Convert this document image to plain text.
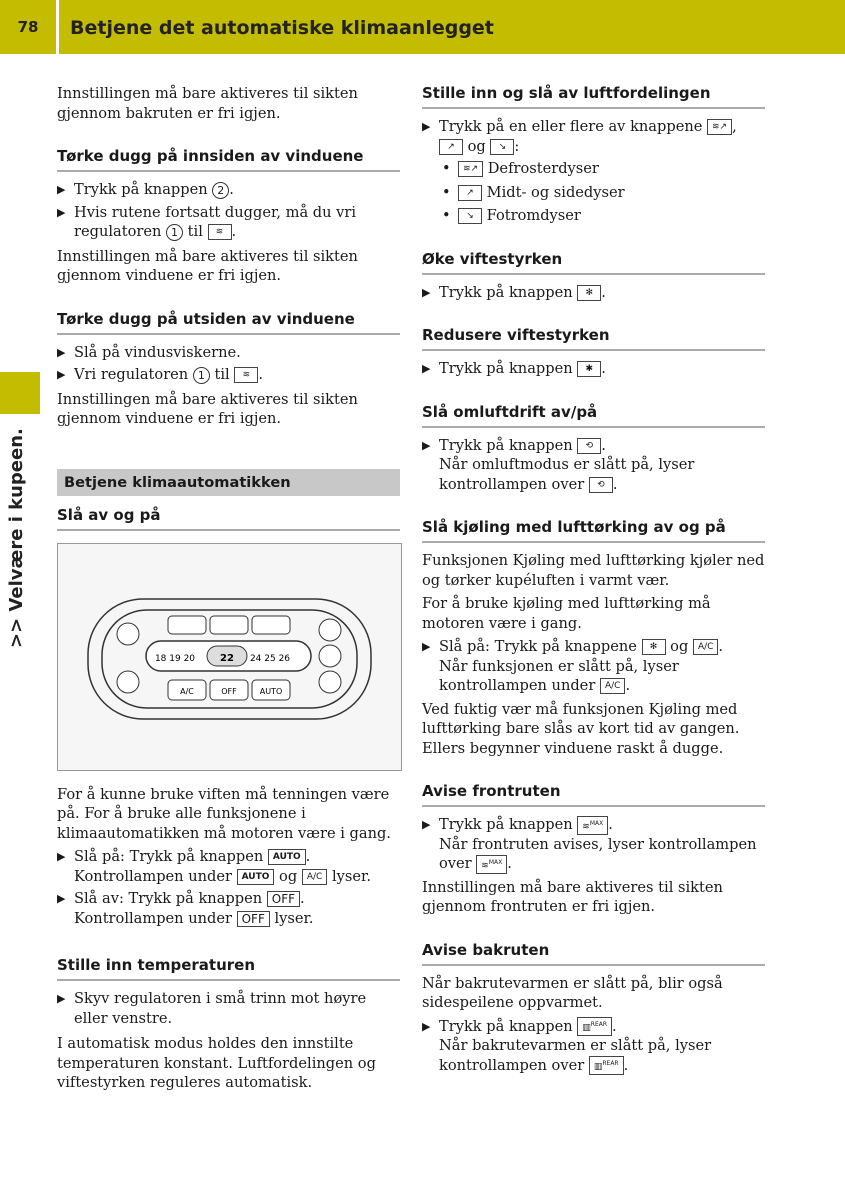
78	Betjene det automatiske klimaanlegget
>> Velvære i kupeen.

Innstillingen må bare aktiveres til sikten gjennom bakruten er fri igjen.

Tørke dugg på innsiden av vinduene
▶ Trykk på knappen 2 .
▶ Hvis rutene fortsatt dugger, må du vri regulatoren 1 til ≋ .

Innstillingen må bare aktiveres til sikten gjennom vinduene er fri igjen.

Tørke dugg på utsiden av vinduene
▶ Slå på vindusviskerne.
▶ Vri regulatoren 1 til ≋ .

Innstillingen må bare aktiveres til sikten gjennom vinduene er fri igjen.

Betjene klimaautomatikken
Slå av og på
18 19 20	22 24 25 26
A/C	OFF	AUTO

For å kunne bruke viften må tenningen være på. For å bruke alle funksjonene i klimaautomatikken må motoren være i gang.

▶ Slå på: Trykk på knappen AUTO .
Kontrollampen under AUTO og A/C lyser.
▶ Slå av: Trykk på knappen OFF .
Kontrollampen under OFF lyser.
Stille inn temperaturen
▶ Skyv regulatoren i små trinn mot høyre eller venstre.

I automatisk modus holdes den innstilte temperaturen konstant. Luftfordelingen og viftestyrken reguleres automatisk.

Stille inn og slå av luftfordelingen
▶ Trykk på en eller flere av knappene ≋↗ ,
↗ og ↘ :
• ≋↗ Defrosterdyser
• ↗ Midt- og sidedyser
• ↘ Fotromdyser
Øke viftestyrken
▶ Trykk på knappen ✻ .
Redusere viftestyrken
▶ Trykk på knappen ✱ .
Slå omluftdrift av/på
▶ Trykk på knappen ⟲ .
Når omluftmodus er slått på, lyser kontrollampen over ⟲ .
Slå kjøling med lufttørking av og på

Funksjonen Kjøling med lufttørking kjøler ned og tørker kupéluften i varmt vær.

For å bruke kjøling med lufttørking må motoren være i gang.

▶ Slå på: Trykk på knappene ✻ og A/C .
Når funksjonen er slått på, lyser kontrollampen under A/C .

Ved fuktig vær må funksjonen Kjøling med lufttørking bare slås av kort tid av gangen. Ellers begynner vinduene raskt å dugge.

Avise frontruten
▶ Trykk på knappen ≋$^{MAX}$ .
Når frontruten avises, lyser kontrollampen over ≋$^{MAX}$ .

Innstillingen må bare aktiveres til sikten gjennom frontruten er fri igjen.

Avise bakruten

Når bakrutevarmen er slått på, blir også sidespeilene oppvarmet.

▶ Trykk på knappen ▥$^{REAR}$ .
Når bakrutevarmen er slått på, lyser kontrollampen over ▥$^{REAR}$ .
